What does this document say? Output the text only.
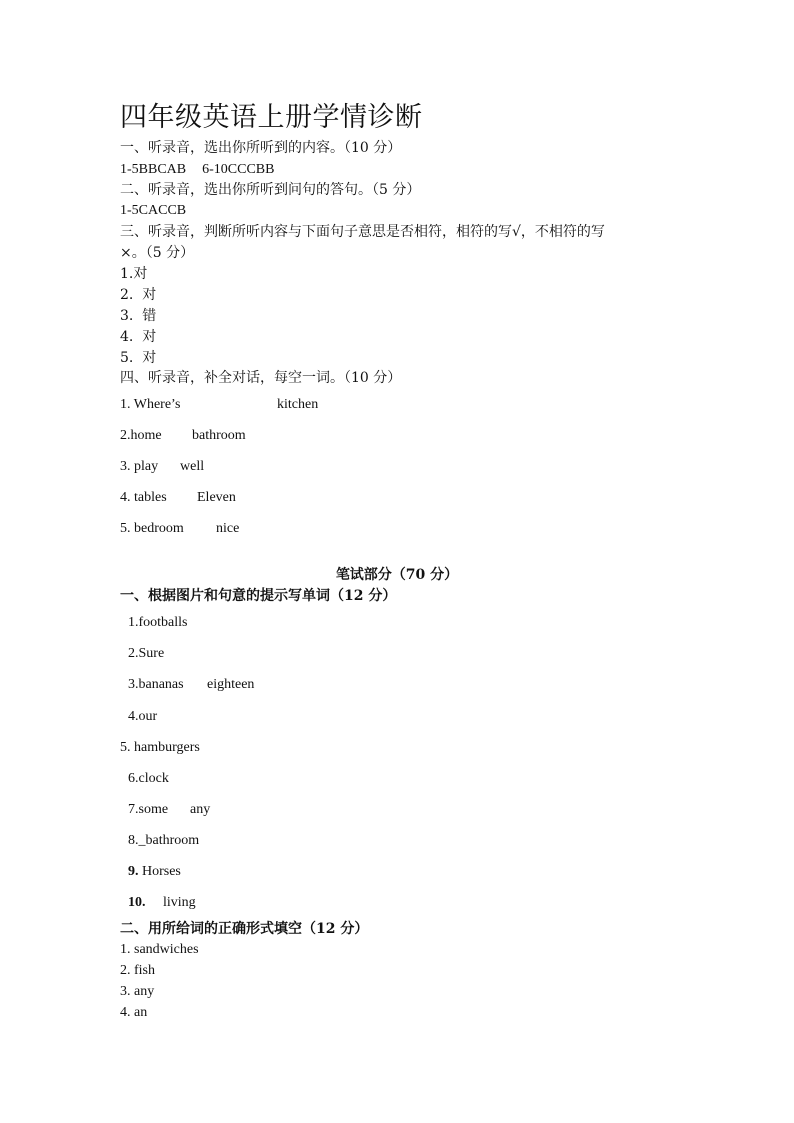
四年级英语上册学情诊断
一、听录音，选出你所听到的内容。（10 分）
1-5BBCAB 6-10CCCBB
二、听录音，选出你所听到问句的答句。（5 分）
1-5CACCB
三、听录音，判断所听内容与下面句子意思是否相符，相符的写√，不相符的写
×。（5 分）
1.对
2.  对
3.  错
4.  对
5.  对
四、听录音，补全对话，每空一词。（10 分）
1. Where’s	kitchen
2.home bathroom
3. play well
4. tables Eleven
5. bedroom nice
笔试部分（70 分）
一、根据图片和句意的提示写单词（12 分）
1.footballs
2.Sure
3.bananas eighteen
4.our
5. hamburgers
6.clock
7.some any
8._bathroom
9. Horses
10. living
二、用所给词的正确形式填空（12 分）
1. sandwiches
2. fish
3. any
4. an
